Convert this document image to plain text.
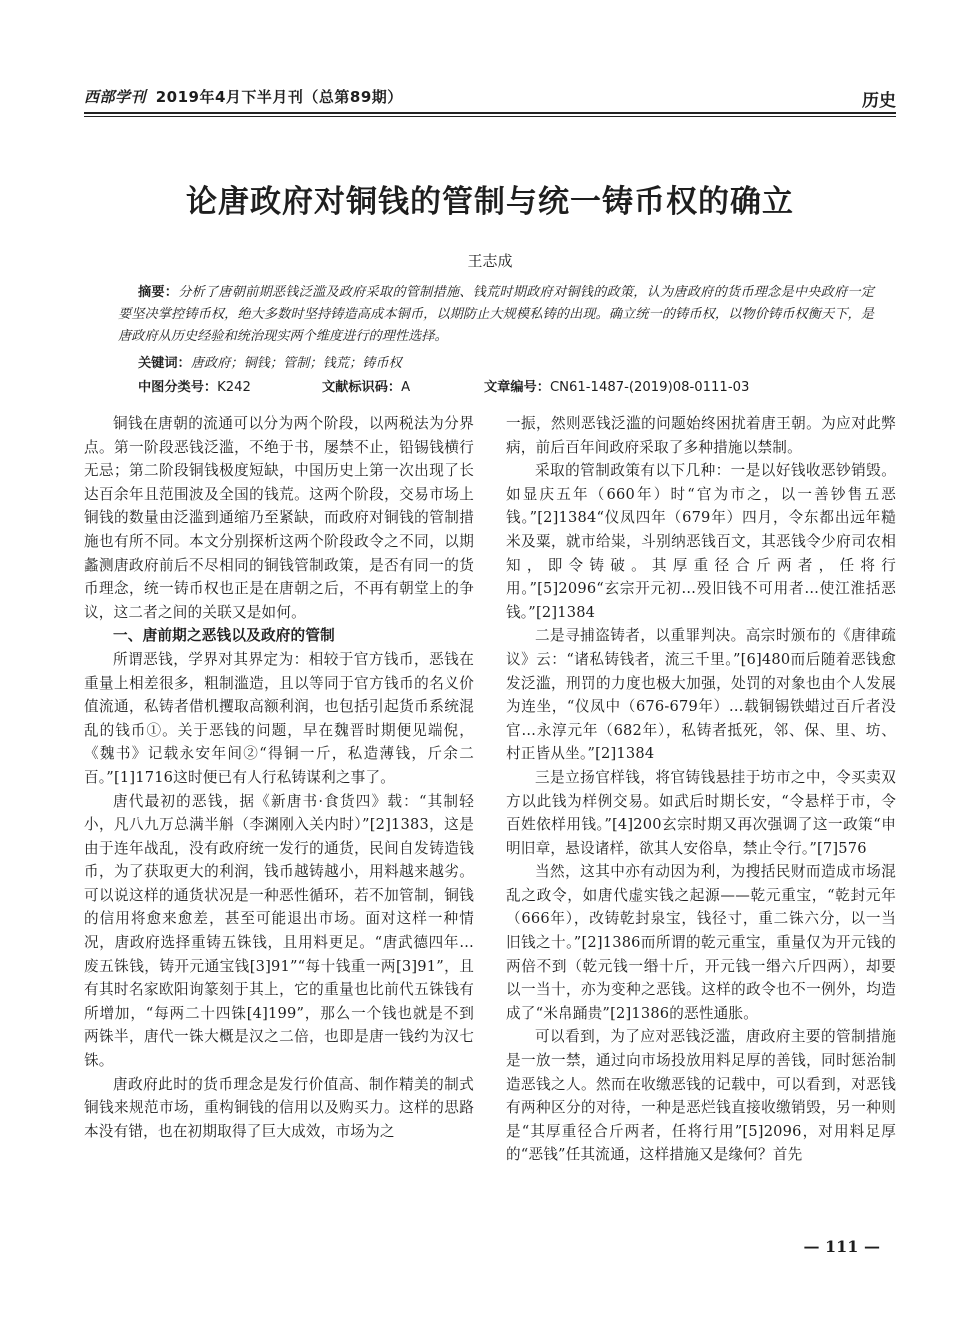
西部学刊 2019年4月下半月刊（总第89期）	历史
论唐政府对铜钱的管制与统一铸币权的确立
王志成
摘要：分析了唐朝前期恶钱泛滥及政府采取的管制措施、钱荒时期政府对铜钱的政策，认为唐政府的货币理念是中央政府一定要坚决掌控铸币权，绝大多数时坚持铸造高成本铜币，以期防止大规模私铸的出现。确立统一的铸币权，以物价铸币权衡天下，是唐政府从历史经验和统治现实两个维度进行的理性选择。
关键词：唐政府；铜钱；管制；钱荒；铸币权
中图分类号：K242	文献标识码：A	文章编号：CN61-1487-(2019)08-0111-03

铜钱在唐朝的流通可以分为两个阶段，以两税法为分界点。第一阶段恶钱泛滥，不绝于书，屡禁不止，铅锡钱横行无忌；第二阶段铜钱极度短缺，中国历史上第一次出现了长达百余年且范围波及全国的钱荒。这两个阶段，交易市场上铜钱的数量由泛滥到通缩乃至紧缺，而政府对铜钱的管制措施也有所不同。本文分别探析这两个阶段政令之不同，以期蠡测唐政府前后不尽相同的铜钱管制政策，是否有同一的货币理念，统一铸币权也正是在唐朝之后，不再有朝堂上的争议，这二者之间的关联又是如何。

一、唐前期之恶钱以及政府的管制

所谓恶钱，学界对其界定为：相较于官方钱币，恶钱在重量上相差很多，粗制滥造，且以等同于官方钱币的名义价值流通，私铸者借机攫取高额利润，也包括引起货币系统混乱的钱币①。关于恶钱的问题，早在魏晋时期便见端倪，《魏书》记载永安年间②“得铜一斤，私造薄钱，斤余二百。”[1]1716这时便已有人行私铸谋利之事了。

唐代最初的恶钱，据《新唐书·食货四》载：“其制轻小，凡八九万总满半斛（李渊刚入关内时）”[2]1383，这是由于连年战乱，没有政府统一发行的通货，民间自发铸造钱币，为了获取更大的利润，钱币越铸越小，用料越来越劣。可以说这样的通货状况是一种恶性循环，若不加管制，铜钱的信用将愈来愈差，甚至可能退出市场。面对这样一种情况，唐政府选择重铸五铢钱，且用料更足。“唐武德四年…废五铢钱，铸开元通宝钱[3]91”“每十钱重一两[3]91”，且有其时名家欧阳询篆刻于其上，它的重量也比前代五铢钱有所增加，“每两二十四铢[4]199”，那么一个钱也就是不到两铢半，唐代一铢大概是汉之二倍，也即是唐一钱约为汉七铢。

唐政府此时的货币理念是发行价值高、制作精美的制式铜钱来规范市场，重构铜钱的信用以及购买力。这样的思路本没有错，也在初期取得了巨大成效，市场为之

一振，然则恶钱泛滥的问题始终困扰着唐王朝。为应对此弊病，前后百年间政府采取了多种措施以禁制。

采取的管制政策有以下几种：一是以好钱收恶钞销毁。如显庆五年（660年）时“官为市之，以一善钞售五恶钱。”[2]1384“仪凤四年（679年）四月，令东都出远年糙米及粟，就市给粜，斗别纳恶钱百文，其恶钱令少府司农相知，即令铸破。其厚重径合斤两者，任将行用。”[5]2096“玄宗开元初…殁旧钱不可用者…使江淮括恶钱。”[2]1384

二是寻捕盗铸者，以重罪判决。高宗时颁布的《唐律疏议》云：“诸私铸钱者，流三千里。”[6]480而后随着恶钱愈发泛滥，刑罚的力度也极大加强，处罚的对象也由个人发展为连坐，“仪凤中（676-679年）…载铜锡铁蜡过百斤者没官…永淳元年（682年），私铸者抵死，邻、保、里、坊、村正皆从坐。”[2]1384

三是立扬官样钱，将官铸钱悬挂于坊市之中，令买卖双方以此钱为样例交易。如武后时期长安，“令悬样于市，令百姓依样用钱。”[4]200玄宗时期又再次强调了这一政策“申明旧章，悬设诸样，欲其人安俗阜，禁止令行。”[7]576

当然，这其中亦有动因为利，为搜括民财而造成市场混乱之政令，如唐代虚实钱之起源——乾元重宝，“乾封元年（666年），改铸乾封泉宝，钱径寸，重二铢六分，以一当旧钱之十。”[2]1386而所谓的乾元重宝，重量仅为开元钱的两倍不到（乾元钱一缗十斤，开元钱一缗六斤四两），却要以一当十，亦为变种之恶钱。这样的政令也不一例外，均造成了“米帛踊贵”[2]1386的恶性通胀。

可以看到，为了应对恶钱泛滥，唐政府主要的管制措施是一放一禁，通过向市场投放用料足厚的善钱，同时惩治制造恶钱之人。然而在收缴恶钱的记载中，可以看到，对恶钱有两种区分的对待，一种是恶烂钱直接收缴销毁，另一种则是“其厚重径合斤两者，任将行用”[5]2096，对用料足厚的“恶钱”任其流通，这样措施又是缘何？首先

— 111 —
